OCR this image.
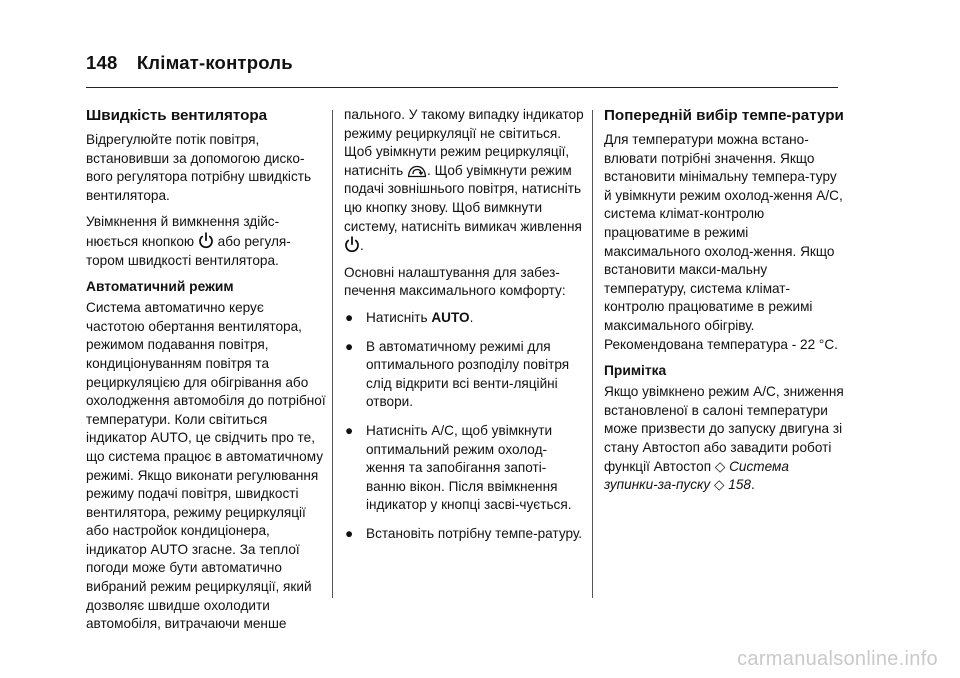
148 Клімат-контроль
Швидкість вентилятора

Відрегулюйте потік повітря, встановивши за допомогою диско-вого регулятора потрібну швидкість вентилятора.

Увімкнення й вимкнення здійс-нюється кнопкою
або регуля-тором швидкості вентилятора.

Автоматичний режим

Система автоматично керує частотою обертання вентилятора, режимом подавання повітря, кондиціонуванням повітря та рециркуляцією для обігрівання або охолодження автомобіля до потрібної температури. Коли світиться індикатор AUTO, це свідчить про те, що система працює в автоматичному режимі. Якщо виконати регулювання режиму подачі повітря, швидкості вентилятора, режиму рециркуляції або настройок кондиціонера, індикатор AUTO згасне. За теплої погоди може бути автоматично вибраний режим рециркуляції, який дозволяє швидше охолодити автомобіля, витрачаючи менше

пального. У такому випадку індикатор режиму рециркуляції не світиться. Щоб увімкнути режим рециркуляції, натисніть . Щоб увімкнути режим подачі зовнішнього повітря, натисніть цю кнопку знову. Щоб вимкнути систему, натисніть вимикач живлення
.

Основні налаштування для забез-печення максимального комфорту:

● Натисніть AUTO.
● В автоматичному режимі для оптимального розподілу повітря слід відкрити всі венти-ляційні отвори.
● Натисніть A/C, щоб увімкнути оптимальний режим охолод-ження та запобігання запоті-ванню вікон. Після ввімкнення індикатор у кнопці засві-чується.
● Встановіть потрібну темпе-ратуру.
Попередній вибір темпе-ратури

Для температури можна встано-влювати потрібні значення. Якщо встановити мінімальну темпера-туру й увімкнути режим охолод-ження A/C, система клімат-контролю працюватиме в режимі максимального охолод-ження. Якщо встановити макси-мальну температуру, система клімат-контролю працюватиме в режимі максимального обігріву. Рекомендована температура - 22 °C.

Примітка

Якщо увімкнено режим A/C, зниження встановленої в салоні температури може призвести до запуску двигуна зі стану Автостоп або завадити роботі функції Автостоп ◇ Система зупинки-за-пуску ◇ 158.

carmanualsonline.info
